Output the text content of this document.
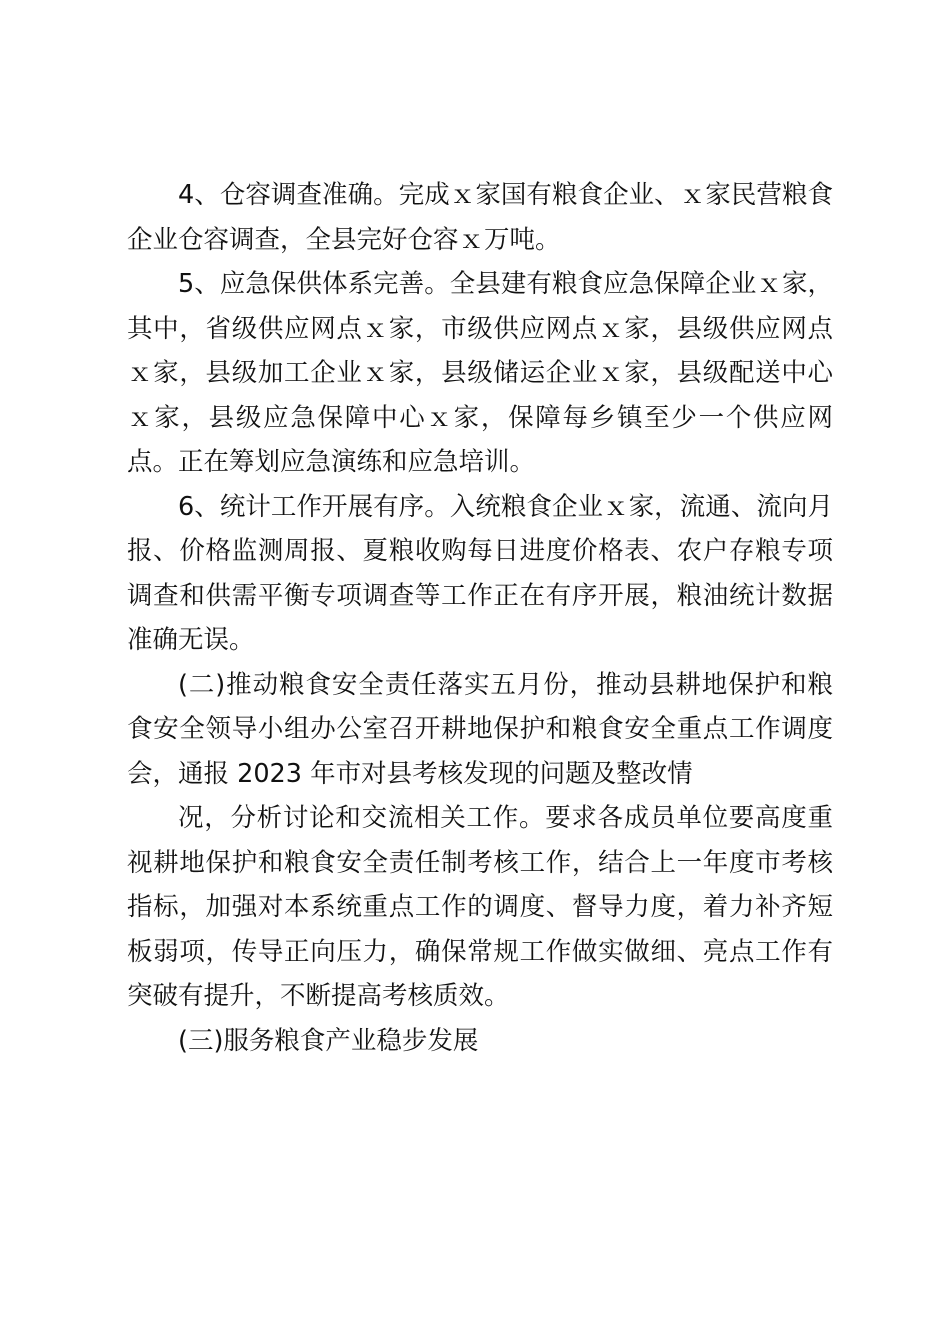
4、仓容调查准确。完成ｘ家国有粮食企业、ｘ家民营粮食企业仓容调查，全县完好仓容ｘ万吨。

5、应急保供体系完善。全县建有粮食应急保障企业ｘ家，其中，省级供应网点ｘ家，市级供应网点ｘ家，县级供应网点ｘ家，县级加工企业ｘ家，县级储运企业ｘ家，县级配送中心ｘ家，县级应急保障中心ｘ家，保障每乡镇至少一个供应网点。正在筹划应急演练和应急培训。

6、统计工作开展有序。入统粮食企业ｘ家，流通、流向月报、价格监测周报、夏粮收购每日进度价格表、农户存粮专项调查和供需平衡专项调查等工作正在有序开展，粮油统计数据准确无误。

(二)推动粮食安全责任落实五月份，推动县耕地保护和粮食安全领导小组办公室召开耕地保护和粮食安全重点工作调度会，通报 2023 年市对县考核发现的问题及整改情

况，分析讨论和交流相关工作。要求各成员单位要高度重视耕地保护和粮食安全责任制考核工作，结合上一年度市考核指标，加强对本系统重点工作的调度、督导力度，着力补齐短板弱项，传导正向压力，确保常规工作做实做细、亮点工作有突破有提升，不断提高考核质效。

(三)服务粮食产业稳步发展
